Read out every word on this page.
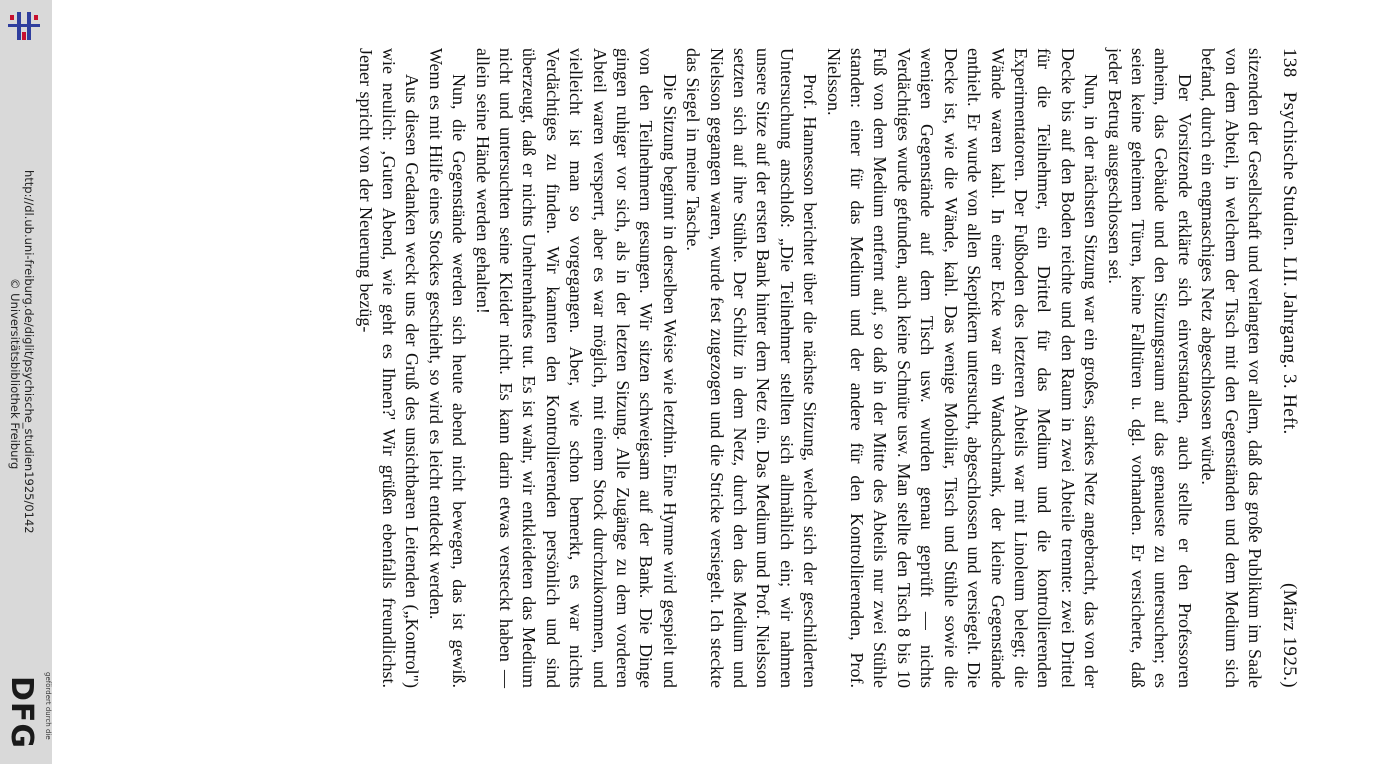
http://dl.ub.uni-freiburg.de/diglit/psychische_studien1925/0142
© Universitätsbibliothek Freiburg
gefördert durch die
DFG
138
Psychische Studien. LII. Jahrgang. 3. Heft.
(März 1925.)

sitzenden der Gesellschaft und verlangten vor allem, daß das große Publikum im Saale von dem Abteil, in welchem der Tisch mit den Gegenständen und dem Medium sich befand, durch ein engmaschiges Netz abgeschlossen würde.

Der Vorsitzende erklärte sich einverstanden, auch stellte er den Professoren anheim, das Gebäude und den Sitzungsraum auf das genaueste zu untersuchen; es seien keine geheimen Türen, keine Falltüren u. dgl. vorhanden. Er versicherte, daß jeder Betrug ausgeschlossen sei.

Nun, in der nächsten Sitzung war ein großes, starkes Netz angebracht, das von der Decke bis auf den Boden reichte und den Raum in zwei Abteile trennte: zwei Drittel für die Teilnehmer, ein Drittel für das Medium und die kontrollierenden Experimentatoren. Der Fußboden des letzteren Abteils war mit Linoleum belegt; die Wände waren kahl. In einer Ecke war ein Wandschrank, der kleine Gegenstände enthielt. Er wurde von allen Skeptikern untersucht, abgeschlossen und versiegelt. Die Decke ist, wie die Wände, kahl. Das wenige Mobiliar, Tisch und Stühle sowie die wenigen Gegenstände auf dem Tisch usw. wurden genau geprüft — nichts Verdächtiges wurde gefunden, auch keine Schnüre usw. Man stellte den Tisch 8 bis 10 Fuß von dem Medium entfernt auf, so daß in der Mitte des Abteils nur zwei Stühle standen: einer für das Medium und der andere für den Kontrollierenden, Prof. Nielsson.

Prof. Hannesson berichtet über die nächste Sitzung, welche sich der geschilderten Untersuchung anschloß: „Die Teilnehmer stellten sich allmählich ein; wir nahmen unsere Sitze auf der ersten Bank hinter dem Netz ein. Das Medium und Prof. Nielsson setzten sich auf ihre Stühle. Der Schlitz in dem Netz, durch den das Medium und Nielsson gegangen waren, wurde fest zugezogen und die Stricke versiegelt. Ich steckte das Siegel in meine Tasche.

Die Sitzung beginnt in derselben Weise wie letzthin. Eine Hymne wird gespielt und von den Teilnehmern gesungen. Wir sitzen schweigsam auf der Bank. Die Dinge gingen ruhiger vor sich, als in der letzten Sitzung. Alle Zugänge zu dem vorderen Abteil waren versperrt, aber es war möglich, mit einem Stock durchzukommen, und vielleicht ist man so vorgegangen. Aber, wie schon bemerkt, es war nichts Verdächtiges zu finden. Wir kannten den Kontrollierenden persönlich und sind überzeugt, daß er nichts Unehrenhaftes tut. Es ist wahr, wir entkleideten das Medium nicht und untersuchten seine Kleider nicht. Es kann darin etwas versteckt haben — allein seine Hände werden gehalten!

Nun, die Gegenstände werden sich heute abend nicht bewegen, das ist gewiß. Wenn es mit Hilfe eines Stockes geschieht, so wird es leicht entdeckt werden.

Aus diesen Gedanken weckt uns der Gruß des unsichtbaren Leitenden („Kontrol") wie neulich: ‚Guten Abend, wie geht es Ihnen?' Wir grüßen ebenfalls freundlichst. Jener spricht von der Neuerung bezüg-
